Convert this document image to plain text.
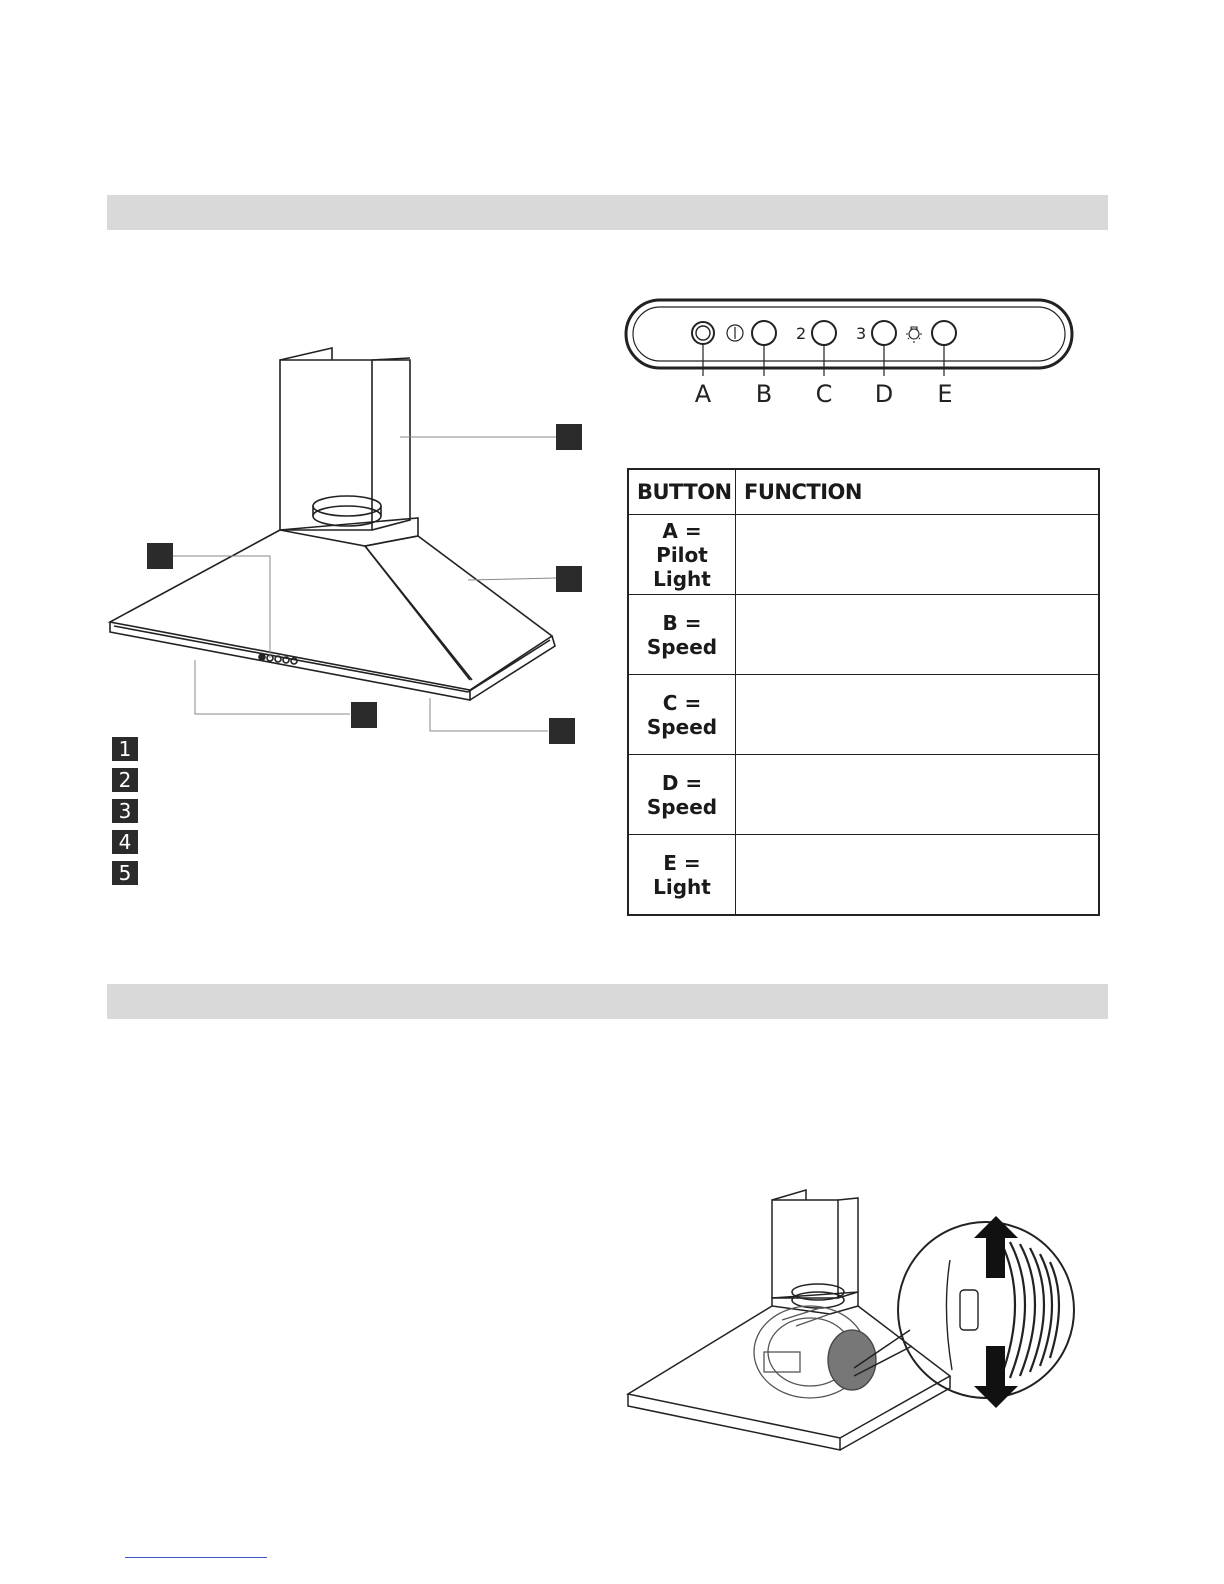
1
2
3
4
5
2	3
A	B	C	D	E
BUTTON	FUNCTION

A =
Pilot
Light	

B =
Speed	

C =
Speed	

D =
Speed	

E =
Light	
